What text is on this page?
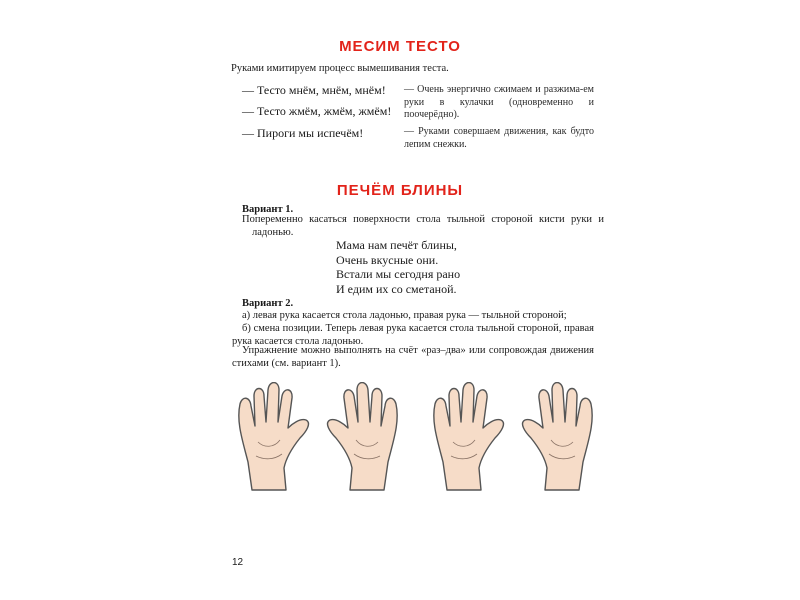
МЕСИМ ТЕСТО
Руками имитируем процесс вымешивания теста.
— Тесто мнём, мнём, мнём! — Очень энергично сжимаем и разжима-ем руки в кулачки (одновременно и поочерёдно).
— Тесто жмём, жмём, жмём!
— Пироги мы испечём!	— Руками совершаем движения, как будто лепим снежки.
ПЕЧЁМ БЛИНЫ
Вариант 1.
Попеременно касаться поверхности стола тыльной стороной кисти руки и ладонью.
Мама нам печёт блины,
Очень вкусные они.
Встали мы сегодня рано
И едим их со сметаной.
Вариант 2.
а) левая рука касается стола ладонью, правая рука — тыльной стороной;
б) смена позиции. Теперь левая рука касается стола тыльной стороной, правая рука касается стола ладонью.
Упражнение можно выполнять на счёт «раз–два» или сопровождая движения стихами (см. вариант 1).
12
